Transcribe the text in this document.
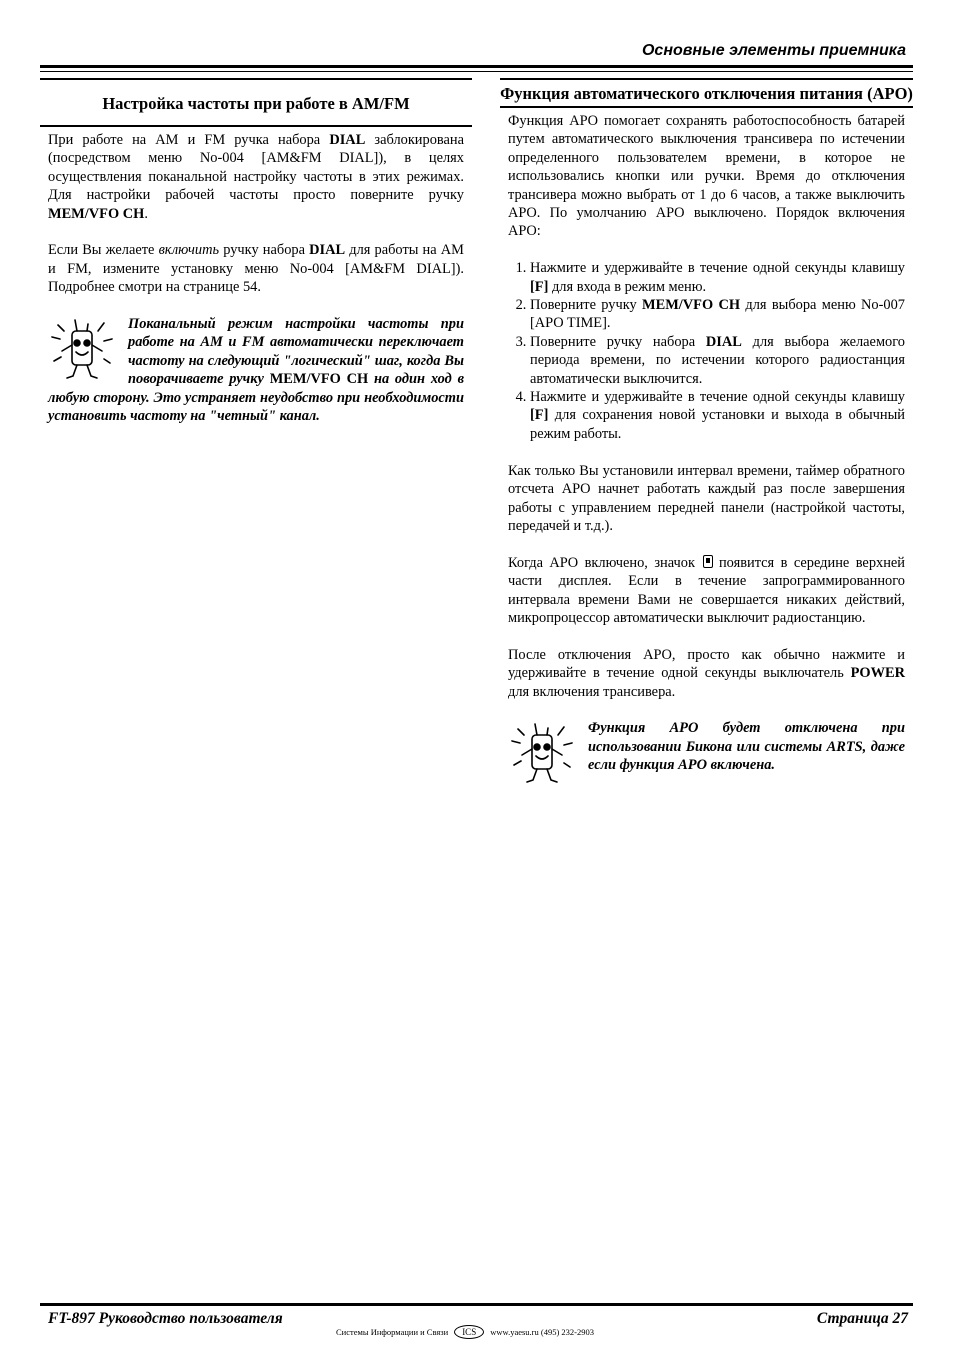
Основные элементы приемника
Настройка частоты при работе в AM/FM

При работе на AM и FM ручка набора DIAL заблокирована (посредством меню No-004 [AM&FM DIAL]), в целях осуществления поканальной настройку частоты в этих режимах. Для настройки рабочей частоты просто поверните ручку MEM/VFO CH.

Если Вы желаете включить ручку набора DIAL для работы на AM и FM, измените установку меню No-004 [AM&FM DIAL]). Подробнее смотри на странице 54.

Поканальный режим настройки частоты при работе на AM и FM автоматически переключает частоту на следующий "логический" шаг, когда Вы поворачиваете ручку MEM/VFO CH на один ход в любую сторону. Это устраняет неудобство при необходимости установить частоту на "четный" канал.
Функция автоматического отключения питания (APO)

Функция APO помогает сохранять работоспособность батарей путем автоматического выключения трансивера по истечении определенного пользователем времени, в которое не использовались кнопки или ручки. Время до отключения трансивера можно выбрать от 1 до 6 часов, а также выключить APO. По умолчанию APO выключено. Порядок включения APO:

1. Нажмите и удерживайте в течение одной секунды клавишу [F] для входа в режим меню.
2. Поверните ручку MEM/VFO CH для выбора меню No-007 [APO TIME].
3. Поверните ручку набора DIAL для выбора желаемого периода времени, по истечении которого радиостанция автоматически выключится.
4. Нажмите и удерживайте в течение одной секунды клавишу [F] для сохранения новой установки и выхода в обычный режим работы.

Как только Вы установили интервал времени, таймер обратного отсчета APO начнет работать каждый раз после завершения работы с управлением передней панели (настройкой частоты, передачей и т.д.).

Когда APO включено, значок появится в середине верхней части дисплея. Если в течение запрограммированного интервала времени Вами не совершается никаких действий, микропроцессор автоматически выключит радиостанцию.

После отключения APO, просто как обычно нажмите и удерживайте в течение одной секунды выключатель POWER для включения трансивера.

Функция APO будет отключена при использовании Бикона или системы ARTS, даже если функция APO включена.
FT-897 Руководство пользователя
Системы Информации и Связи	ICS	www.yaesu.ru (495) 232-2903
Страница 27
